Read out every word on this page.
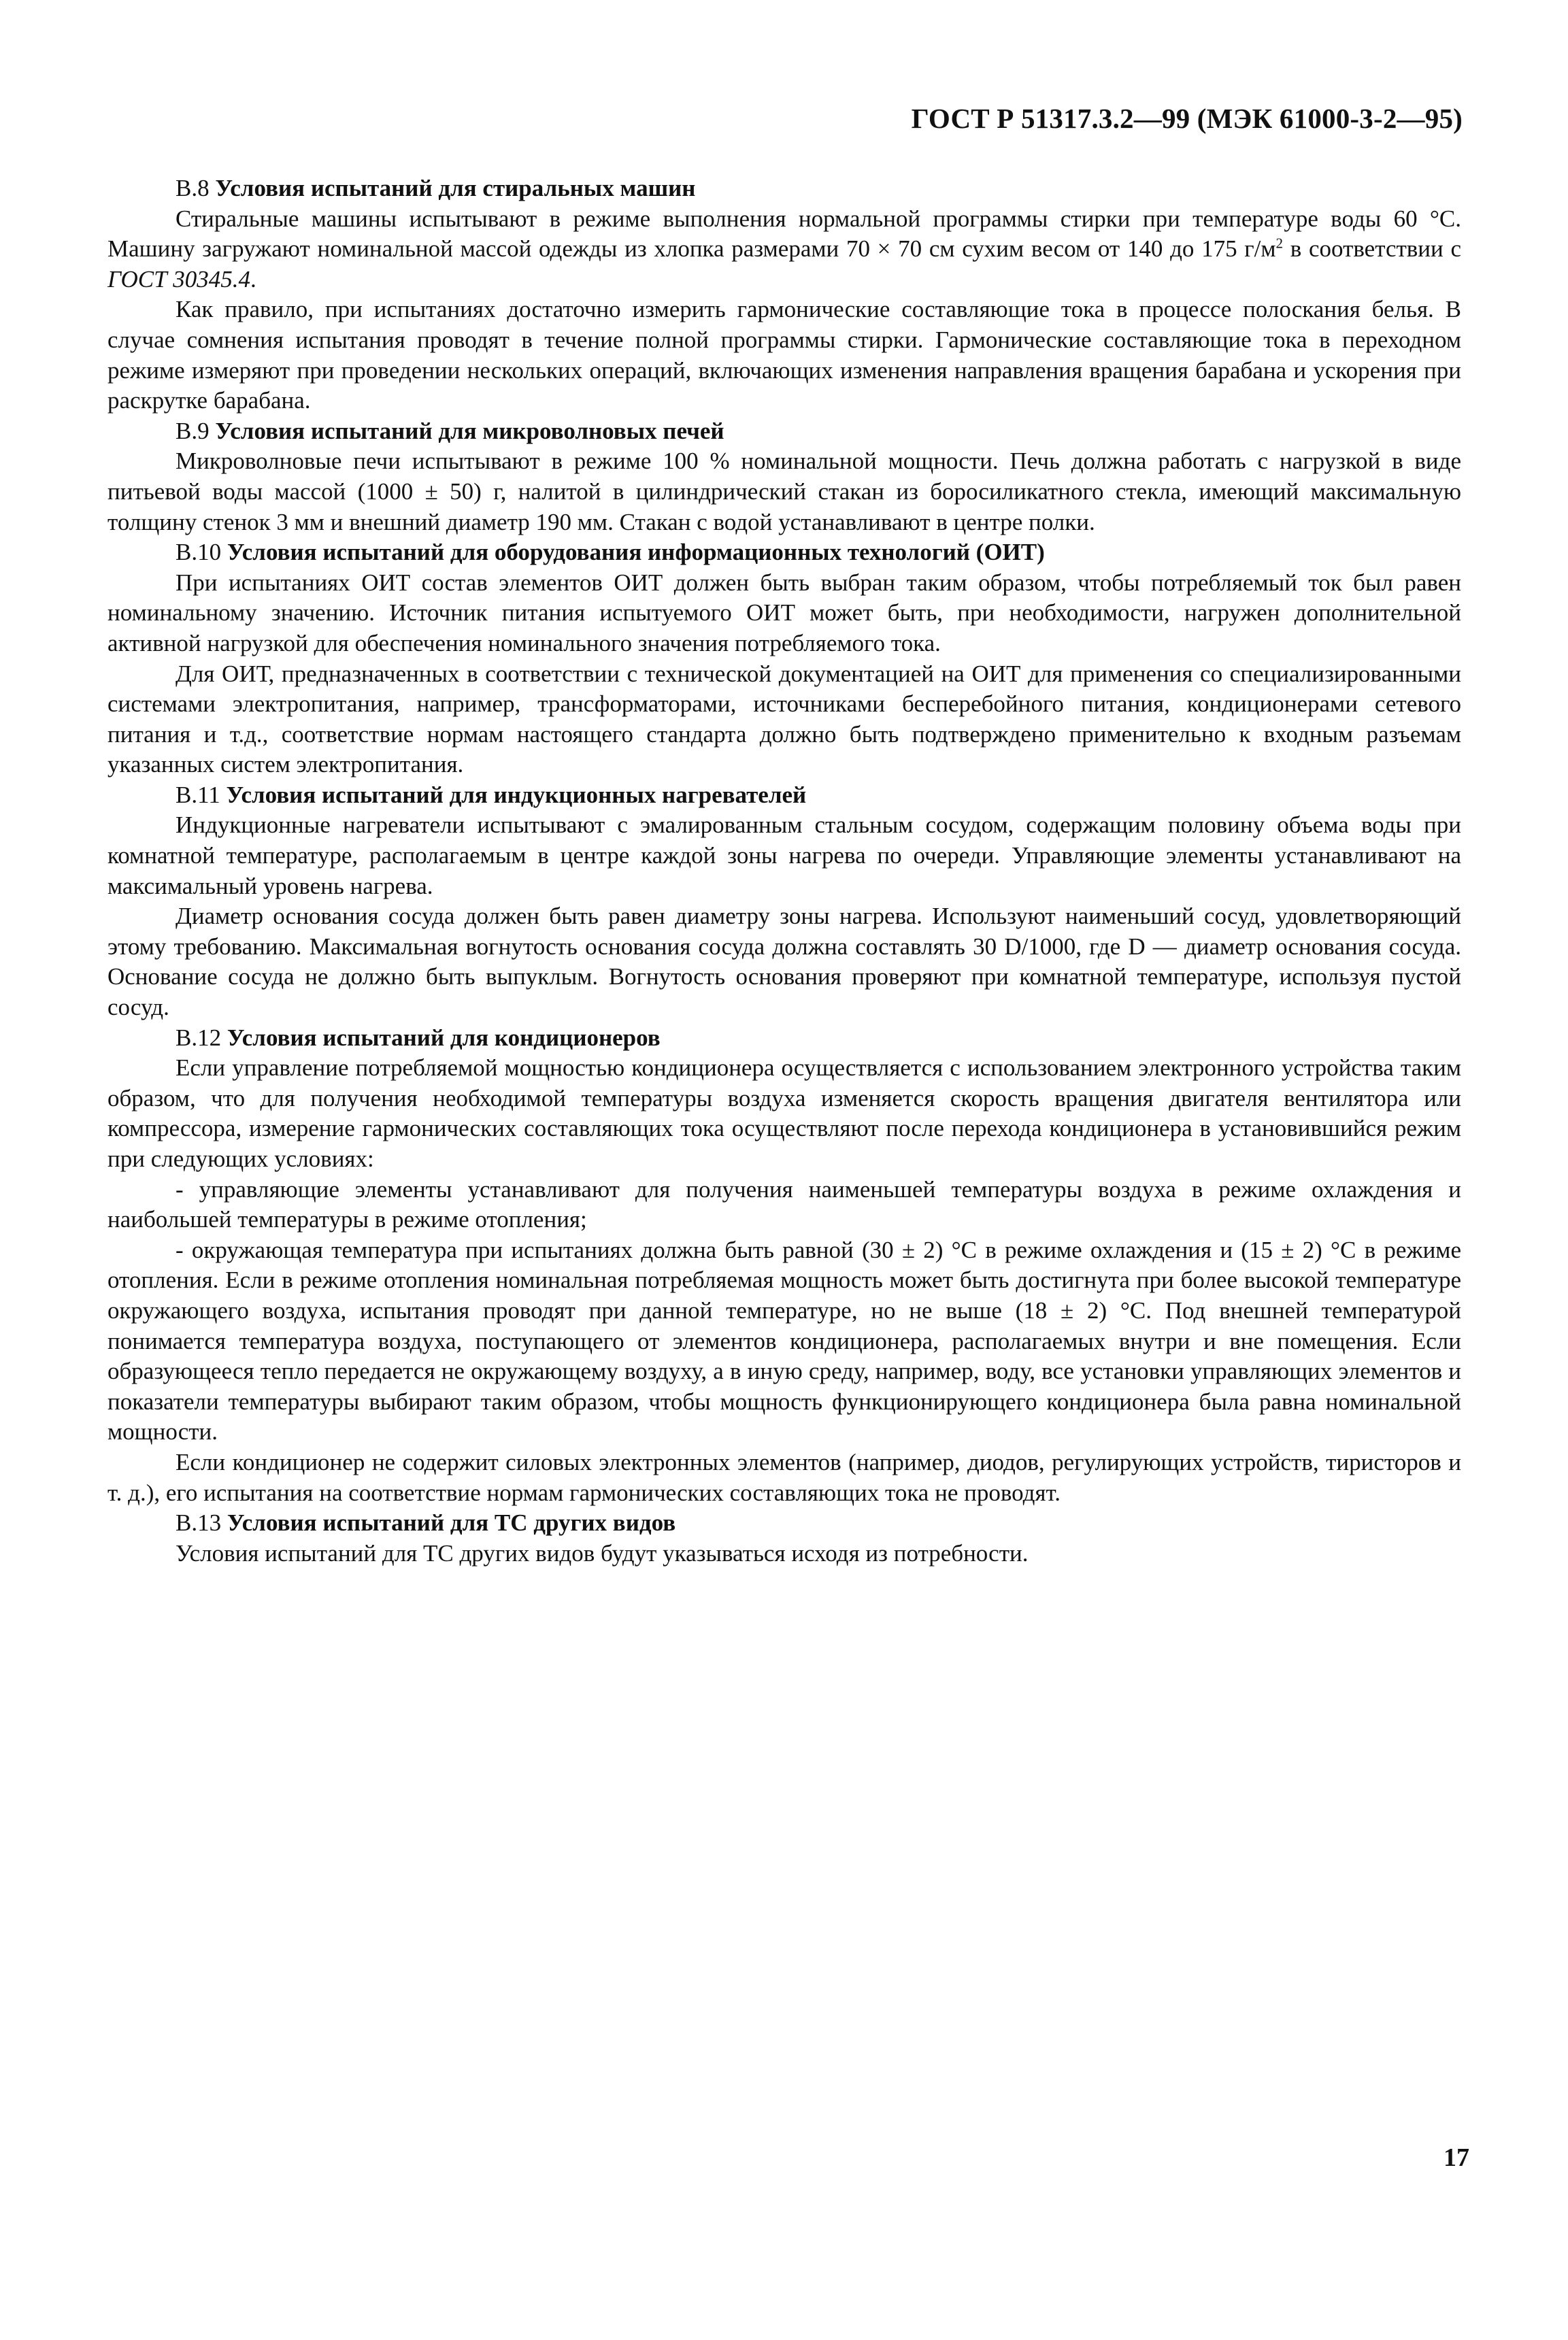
ГОСТ Р 51317.3.2—99 (МЭК 61000-3-2—95)

В.8 Условия испытаний для стиральных машин

Стиральные машины испытывают в режиме выполнения нормальной программы стирки при температуре воды 60 °С. Машину загружают номинальной массой одежды из хлопка размерами 70 × 70 см сухим весом от 140 до 175 $г/м^2$ в соответствии с ГОСТ 30345.4.

Как правило, при испытаниях достаточно измерить гармонические составляющие тока в процессе полоскания белья. В случае сомнения испытания проводят в течение полной программы стирки. Гармонические составляющие тока в переходном режиме измеряют при проведении нескольких операций, включающих изменения направления вращения барабана и ускорения при раскрутке барабана.

В.9 Условия испытаний для микроволновых печей

Микроволновые печи испытывают в режиме 100 % номинальной мощности. Печь должна работать с нагрузкой в виде питьевой воды массой (1000 ± 50) г, налитой в цилиндрический стакан из боросиликатного стекла, имеющий максимальную толщину стенок 3 мм и внешний диаметр 190 мм. Стакан с водой устанавливают в центре полки.

В.10 Условия испытаний для оборудования информационных технологий (ОИТ)

При испытаниях ОИТ состав элементов ОИТ должен быть выбран таким образом, чтобы потребляемый ток был равен номинальному значению. Источник питания испытуемого ОИТ может быть, при необходимости, нагружен дополнительной активной нагрузкой для обеспечения номинального значения потребляемого тока.

Для ОИТ, предназначенных в соответствии с технической документацией на ОИТ для применения со специализированными системами электропитания, например, трансформаторами, источниками бесперебойного питания, кондиционерами сетевого питания и т.д., соответствие нормам настоящего стандарта должно быть подтверждено применительно к входным разъемам указанных систем электропитания.

В.11 Условия испытаний для индукционных нагревателей

Индукционные нагреватели испытывают с эмалированным стальным сосудом, содержащим половину объема воды при комнатной температуре, располагаемым в центре каждой зоны нагрева по очереди. Управляющие элементы устанавливают на максимальный уровень нагрева.

Диаметр основания сосуда должен быть равен диаметру зоны нагрева. Используют наименьший сосуд, удовлетворяющий этому требованию. Максимальная вогнутость основания сосуда должна составлять 30 D/1000, где D — диаметр основания сосуда. Основание сосуда не должно быть выпуклым. Вогнутость основания проверяют при комнатной температуре, используя пустой сосуд.

В.12 Условия испытаний для кондиционеров

Если управление потребляемой мощностью кондиционера осуществляется с использованием электронного устройства таким образом, что для получения необходимой температуры воздуха изменяется скорость вращения двигателя вентилятора или компрессора, измерение гармонических составляющих тока осуществляют после перехода кондиционера в установившийся режим при следующих условиях:

- управляющие элементы устанавливают для получения наименьшей температуры воздуха в режиме охлаждения и наибольшей температуры в режиме отопления;

- окружающая температура при испытаниях должна быть равной (30 ± 2) °С в режиме охлаждения и (15 ± 2) °С в режиме отопления. Если в режиме отопления номинальная потребляемая мощность может быть достигнута при более высокой температуре окружающего воздуха, испытания проводят при данной температуре, но не выше (18 ± 2) °С. Под внешней температурой понимается температура воздуха, поступающего от элементов кондиционера, располагаемых внутри и вне помещения. Если образующееся тепло передается не окружающему воздуху, а в иную среду, например, воду, все установки управляющих элементов и показатели температуры выбирают таким образом, чтобы мощность функционирующего кондиционера была равна номинальной мощности.

Если кондиционер не содержит силовых электронных элементов (например, диодов, регулирующих устройств, тиристоров и т. д.), его испытания на соответствие нормам гармонических составляющих тока не проводят.

В.13 Условия испытаний для ТС других видов

Условия испытаний для ТС других видов будут указываться исходя из потребности.

17
